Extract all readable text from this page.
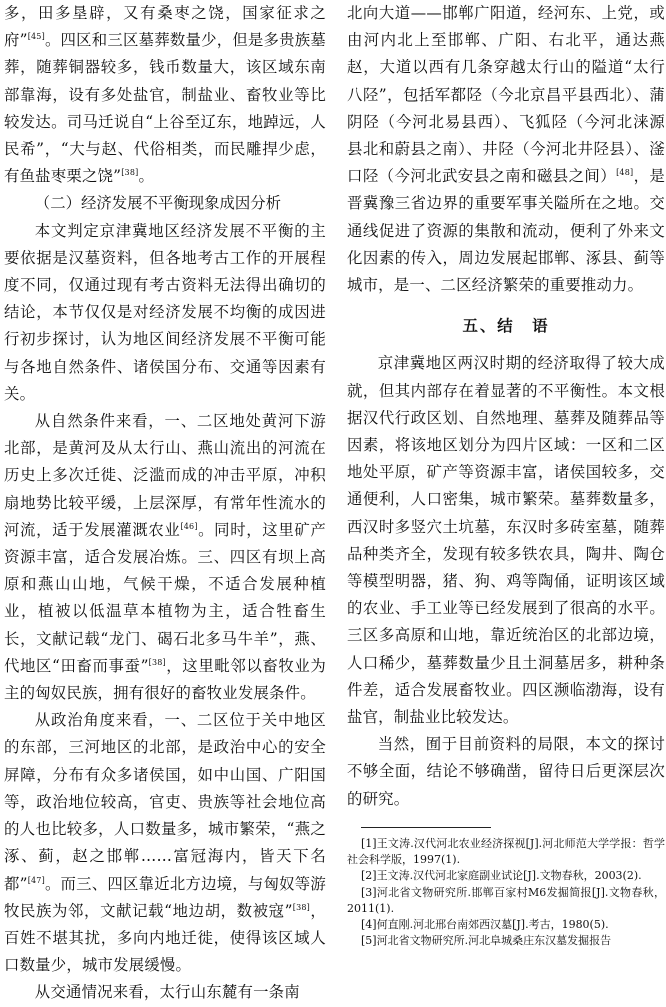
多，田多垦辟，又有桑枣之饶，国家征求之府”[45]。四区和三区墓葬数量少，但是多贵族墓葬，随葬铜器较多，钱币数量大，该区域东南部靠海，设有多处盐官，制盐业、畜牧业等比较发达。司马迁说自“上谷至辽东，地踔远，人民希”，“大与赵、代俗相类，而民雕捍少虑，有鱼盐枣栗之饶”[38]。

（二）经济发展不平衡现象成因分析

本文判定京津冀地区经济发展不平衡的主要依据是汉墓资料，但各地考古工作的开展程度不同，仅通过现有考古资料无法得出确切的结论，本节仅仅是对经济发展不均衡的成因进行初步探讨，认为地区间经济发展不平衡可能与各地自然条件、诸侯国分布、交通等因素有关。

从自然条件来看，一、二区地处黄河下游北部，是黄河及从太行山、燕山流出的河流在历史上多次迁徙、泛滥而成的冲击平原，冲积扇地势比较平缓，上层深厚，有常年性流水的河流，适于发展灌溉农业[46]。同时，这里矿产资源丰富，适合发展冶炼。三、四区有坝上高原和燕山山地，气候干燥，不适合发展种植业，植被以低温草本植物为主，适合牲畜生长，文献记载“龙门、碣石北多马牛羊”，燕、代地区“田畜而事蚕”[38]，这里毗邻以畜牧业为主的匈奴民族，拥有很好的畜牧业发展条件。

从政治角度来看，一、二区位于关中地区的东部，三河地区的北部，是政治中心的安全屏障，分布有众多诸侯国，如中山国、广阳国等，政治地位较高，官吏、贵族等社会地位高的人也比较多，人口数量多，城市繁荣，“燕之涿、蓟，赵之邯郸……富冠海内，皆天下名都”[47]。而三、四区靠近北方边境，与匈奴等游牧民族为邻，文献记载“地边胡，数被寇”[38]，百姓不堪其扰，多向内地迁徙，使得该区域人口数量少，城市发展缓慢。

从交通情况来看，太行山东麓有一条南

北向大道——邯郸广阳道，经河东、上党，或由河内北上至邯郸、广阳、右北平，通达燕赵，大道以西有几条穿越太行山的隘道“太行八陉”，包括军都陉（今北京昌平县西北）、蒲阴陉（今河北易县西）、飞狐陉（今河北涞源县北和蔚县之南）、井陉（今河北井陉县）、滏口陉（今河北武安县之南和磁县之间）[48]，是晋冀豫三省边界的重要军事关隘所在之地。交通线促进了资源的集散和流动，便利了外来文化因素的传入，周边发展起邯郸、涿县、蓟等城市，是一、二区经济繁荣的重要推动力。

五、结　语

京津冀地区两汉时期的经济取得了较大成就，但其内部存在着显著的不平衡性。本文根据汉代行政区划、自然地理、墓葬及随葬品等因素，将该地区划分为四片区域：一区和二区地处平原，矿产等资源丰富，诸侯国较多，交通便利，人口密集，城市繁荣。墓葬数量多，西汉时多竖穴土坑墓，东汉时多砖室墓，随葬品种类齐全，发现有较多铁农具，陶井、陶仓等模型明器，猪、狗、鸡等陶俑，证明该区域的农业、手工业等已经发展到了很高的水平。三区多高原和山地，靠近统治区的北部边境，人口稀少，墓葬数量少且土洞墓居多，耕种条件差，适合发展畜牧业。四区濒临渤海，设有盐官，制盐业比较发达。

当然，囿于目前资料的局限，本文的探讨不够全面，结论不够确凿，留待日后更深层次的研究。

[1]王文涛.汉代河北农业经济探视[J].河北师范大学学报：哲学社会科学版，1997(1).

[2]王文涛.汉代河北家庭副业试论[J].文物春秋，2003(2).

[3]河北省文物研究所.邯郸百家村M6发掘简报[J].文物春秋，2011(1).

[4]何直刚.河北邢台南郊西汉墓[J].考古，1980(5).

[5]河北省文物研究所.河北阜城桑庄东汉墓发掘报告
